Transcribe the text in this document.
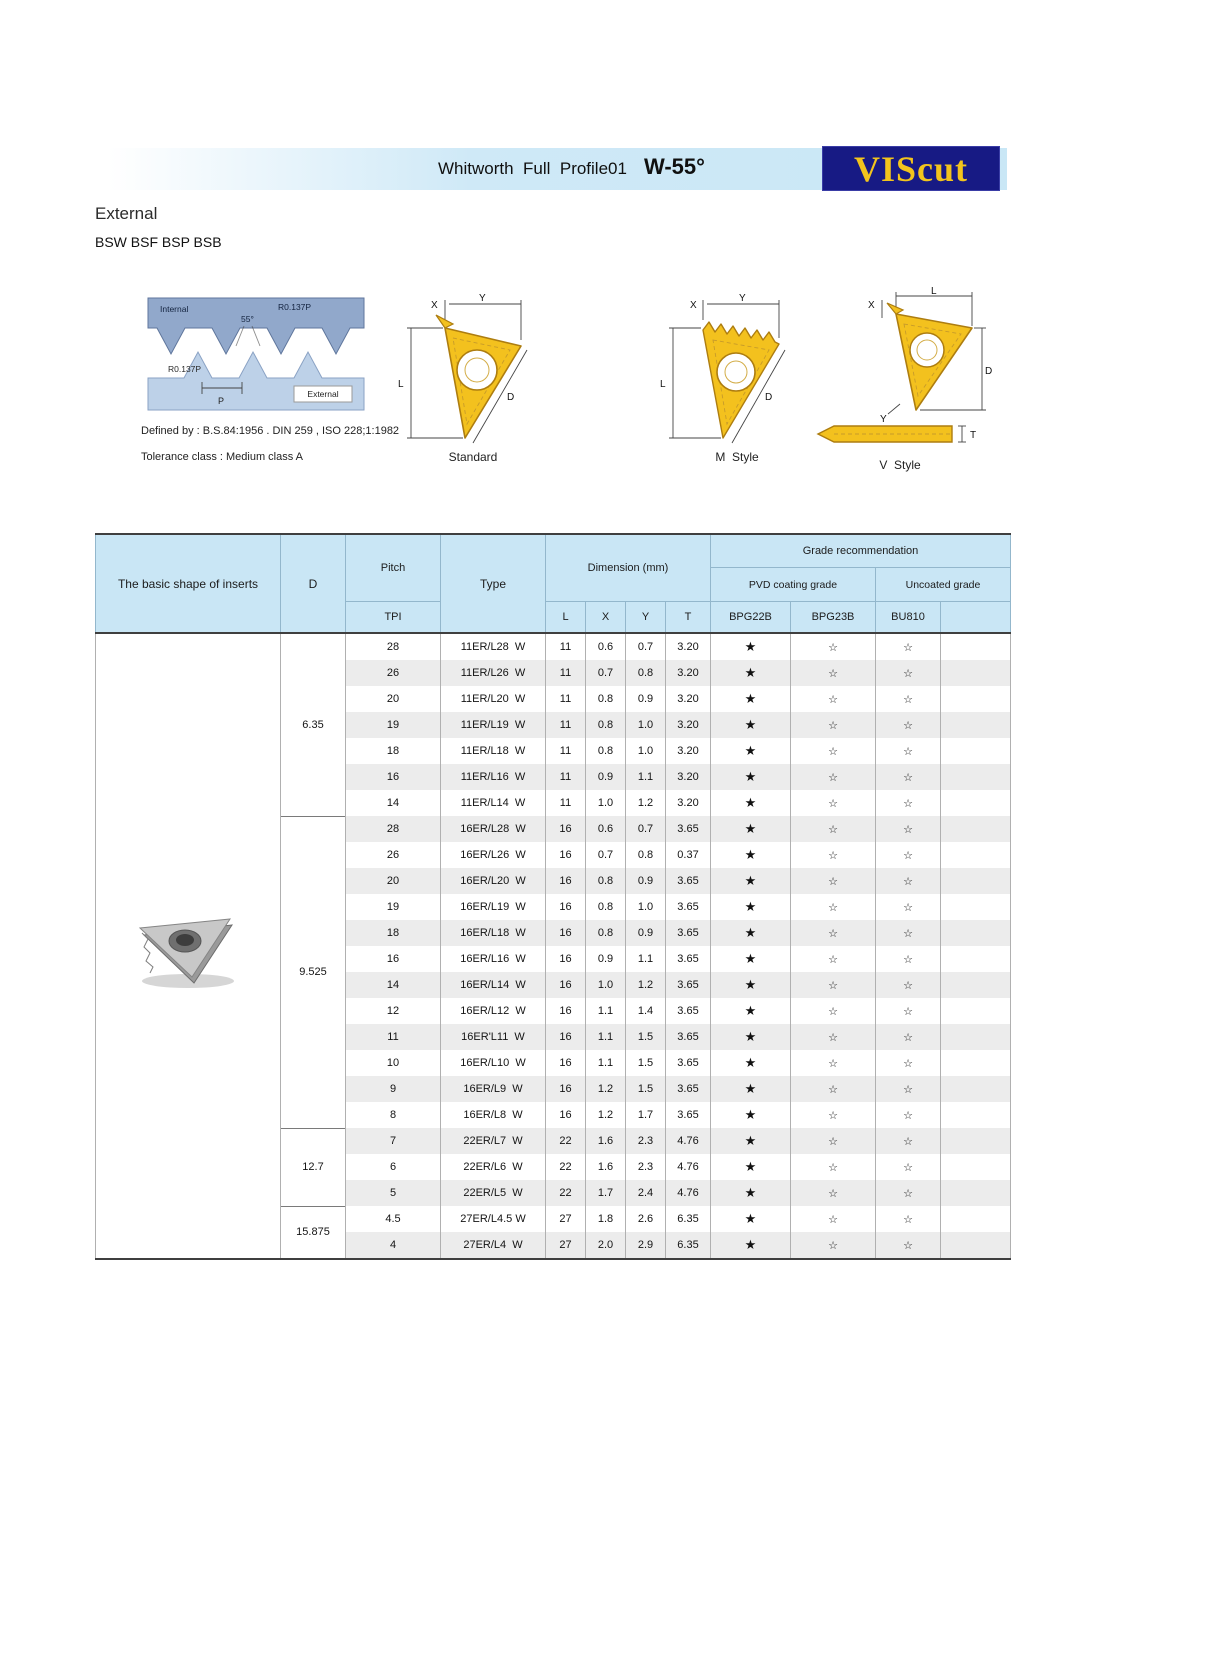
Whitworth  Full  Profile01 W-55°	VIScut
External
BSW BSF BSP BSB
Internal	R0.137P
55°
R0.137P
P
External
Defined by : B.S.84:1956 . DIN 259 , ISO 228;1:1982
Tolerance class : Medium class A
X
Y
L
D
Standard
X
Y
L
D
M  Style
L
X
Y
D
T
V  Style
The basic shape of inserts	D	Pitch	Type	Dimension (mm)				Grade recommendation			
								PVD coating grade		Uncoated grade	
		TPI		L	X	Y	T	BPG22B	BPG23B	BU810	
	6.35	28	11ER/L28  W	11	0.6	0.7	3.20	★	☆	☆	
		26	11ER/L26  W	11	0.7	0.8	3.20	★	☆	☆	
		20	11ER/L20  W	11	0.8	0.9	3.20	★	☆	☆	
		19	11ER/L19  W	11	0.8	1.0	3.20	★	☆	☆	
		18	11ER/L18  W	11	0.8	1.0	3.20	★	☆	☆	
		16	11ER/L16  W	11	0.9	1.1	3.20	★	☆	☆	
		14	11ER/L14  W	11	1.0	1.2	3.20	★	☆	☆	
	9.525	28	16ER/L28  W	16	0.6	0.7	3.65	★	☆	☆	
		26	16ER/L26  W	16	0.7	0.8	0.37	★	☆	☆	
		20	16ER/L20  W	16	0.8	0.9	3.65	★	☆	☆	
		19	16ER/L19  W	16	0.8	1.0	3.65	★	☆	☆	
		18	16ER/L18  W	16	0.8	0.9	3.65	★	☆	☆	
		16	16ER/L16  W	16	0.9	1.1	3.65	★	☆	☆	
		14	16ER/L14  W	16	1.0	1.2	3.65	★	☆	☆	
		12	16ER/L12  W	16	1.1	1.4	3.65	★	☆	☆	
		11	16ER'L11  W	16	1.1	1.5	3.65	★	☆	☆	
		10	16ER/L10  W	16	1.1	1.5	3.65	★	☆	☆	
		9	16ER/L9  W	16	1.2	1.5	3.65	★	☆	☆	
		8	16ER/L8  W	16	1.2	1.7	3.65	★	☆	☆	
	12.7	7	22ER/L7  W	22	1.6	2.3	4.76	★	☆	☆	
		6	22ER/L6  W	22	1.6	2.3	4.76	★	☆	☆	
		5	22ER/L5  W	22	1.7	2.4	4.76	★	☆	☆	
	15.875	4.5	27ER/L4.5 W	27	1.8	2.6	6.35	★	☆	☆	
		4	27ER/L4  W	27	2.0	2.9	6.35	★	☆	☆	
